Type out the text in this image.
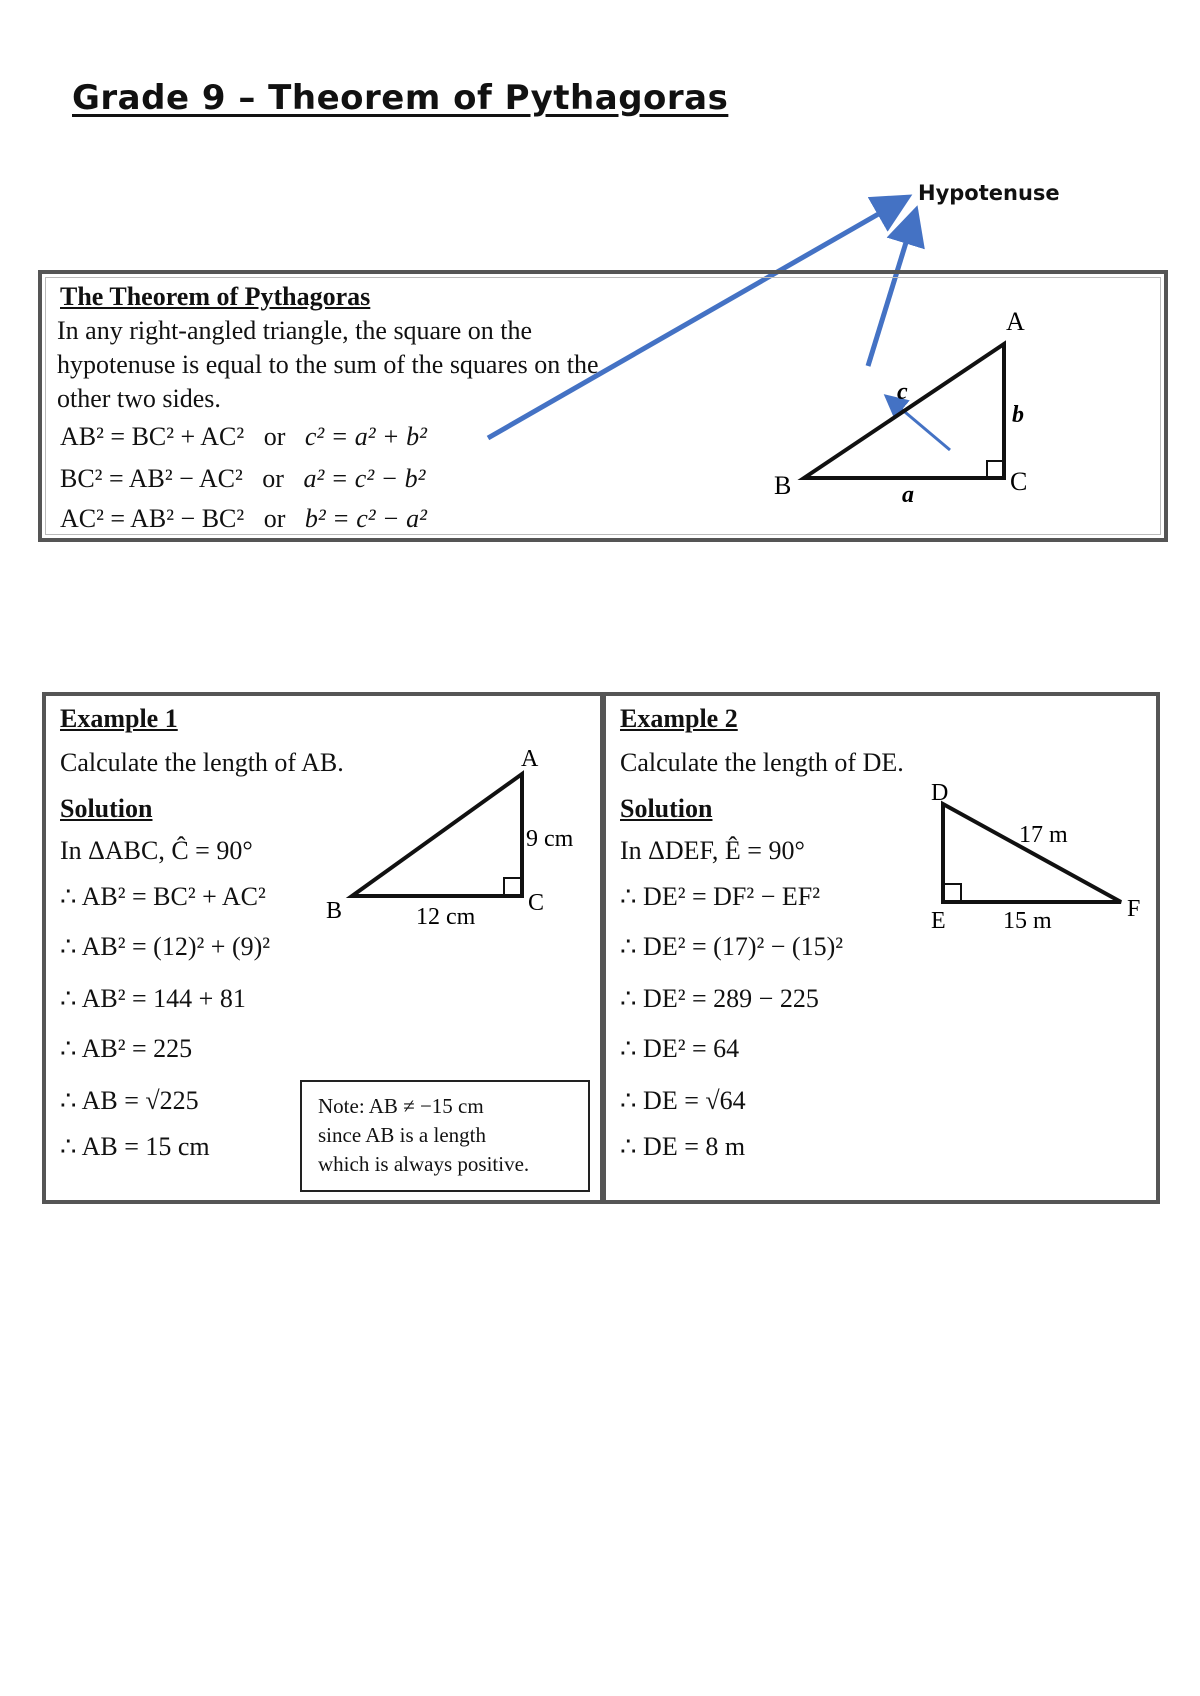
Grade 9 – Theorem of Pythagoras
Hypotenuse
The Theorem of Pythagoras
In any right-angled triangle, the square on the hypotenuse is equal to the sum of the squares on the other two sides.
AB² = BC² + AC² or c² = a² + b²
BC² = AB² − AC² or a² = c² − b²
AC² = AB² − BC² or b² = c² − a²
A
B	C
a
b
c
Example 1
Calculate the length of AB.
Solution
In ΔABC, Ĉ = 90°
∴ AB² = BC² + AC²
∴ AB² = (12)² + (9)²
∴ AB² = 144 + 81
∴ AB² = 225
∴ AB = √225
∴ AB = 15 cm
A
B	C
9 cm
12 cm
Note: AB ≠ −15 cm
since AB is a length
which is always positive.
Example 2
Calculate the length of DE.
Solution
In ΔDEF, Ê = 90°
∴ DE² = DF² − EF²
∴ DE² = (17)² − (15)²
∴ DE² = 289 − 225
∴ DE² = 64
∴ DE = √64
∴ DE = 8 m
D
E	F
17 m
15 m
